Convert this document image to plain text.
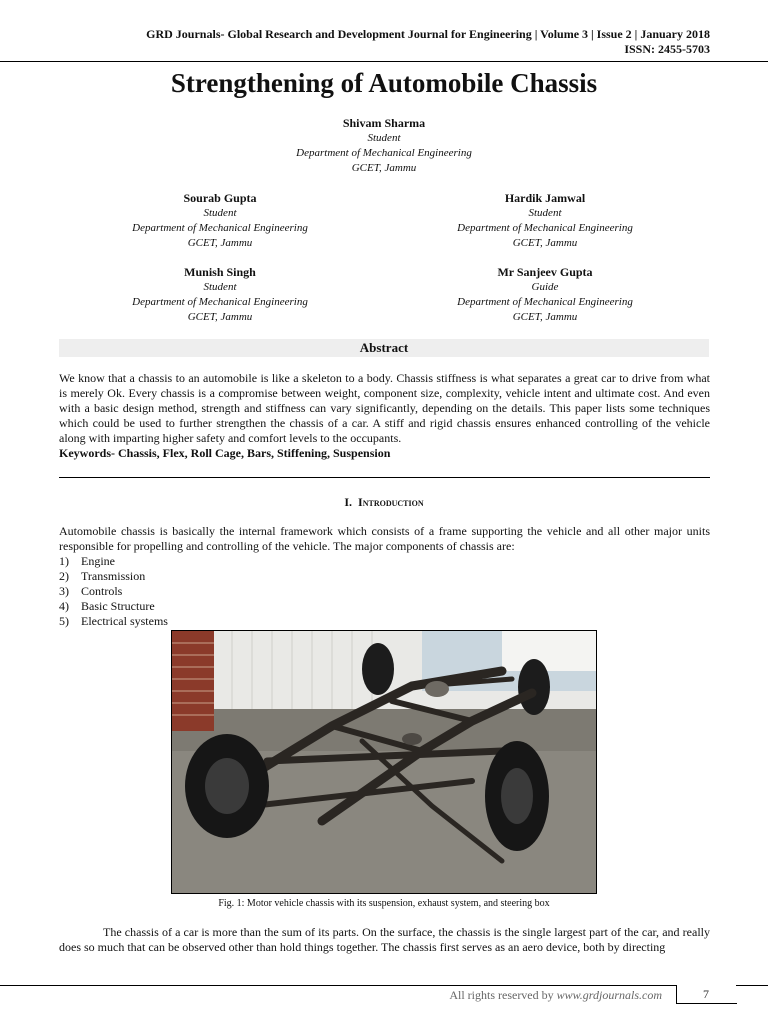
GRD Journals- Global Research and Development Journal for Engineering | Volume 3 | Issue 2 | January 2018
ISSN: 2455-5703
Strengthening of Automobile Chassis
Shivam Sharma
Student
Department of Mechanical Engineering
GCET, Jammu
Sourab Gupta
Student
Department of Mechanical Engineering
GCET, Jammu
Hardik Jamwal
Student
Department of Mechanical Engineering
GCET, Jammu
Munish Singh
Student
Department of Mechanical Engineering
GCET, Jammu
Mr Sanjeev Gupta
Guide
Department of Mechanical Engineering
GCET, Jammu
Abstract

We know that a chassis to an automobile is like a skeleton to a body. Chassis stiffness is what separates a great car to drive from what is merely Ok. Every chassis is a compromise between weight, component size, complexity, vehicle intent and ultimate cost. And even with a basic design method, strength and stiffness can vary significantly, depending on the details. This paper lists some techniques which could be used to further strengthen the chassis of a car. A stiff and rigid chassis ensures enhanced controlling of the vehicle along with imparting higher safety and comfort levels to the occupants.

Keywords- Chassis, Flex, Roll Cage, Bars, Stiffening, Suspension
I. Introduction

Automobile chassis is basically the internal framework which consists of a frame supporting the vehicle and all other major units responsible for propelling and controlling of the vehicle. The major components of chassis are:

1)	Engine
2)	Transmission
3)	Controls
4)	Basic Structure
5)	Electrical systems
Fig. 1: Motor vehicle chassis with its suspension, exhaust system, and steering box

The chassis of a car is more than the sum of its parts. On the surface, the chassis is the single largest part of the car, and really does so much that can be observed other than hold things together. The chassis first serves as an aero device, both by directing

All rights reserved by www.grdjournals.com	7
